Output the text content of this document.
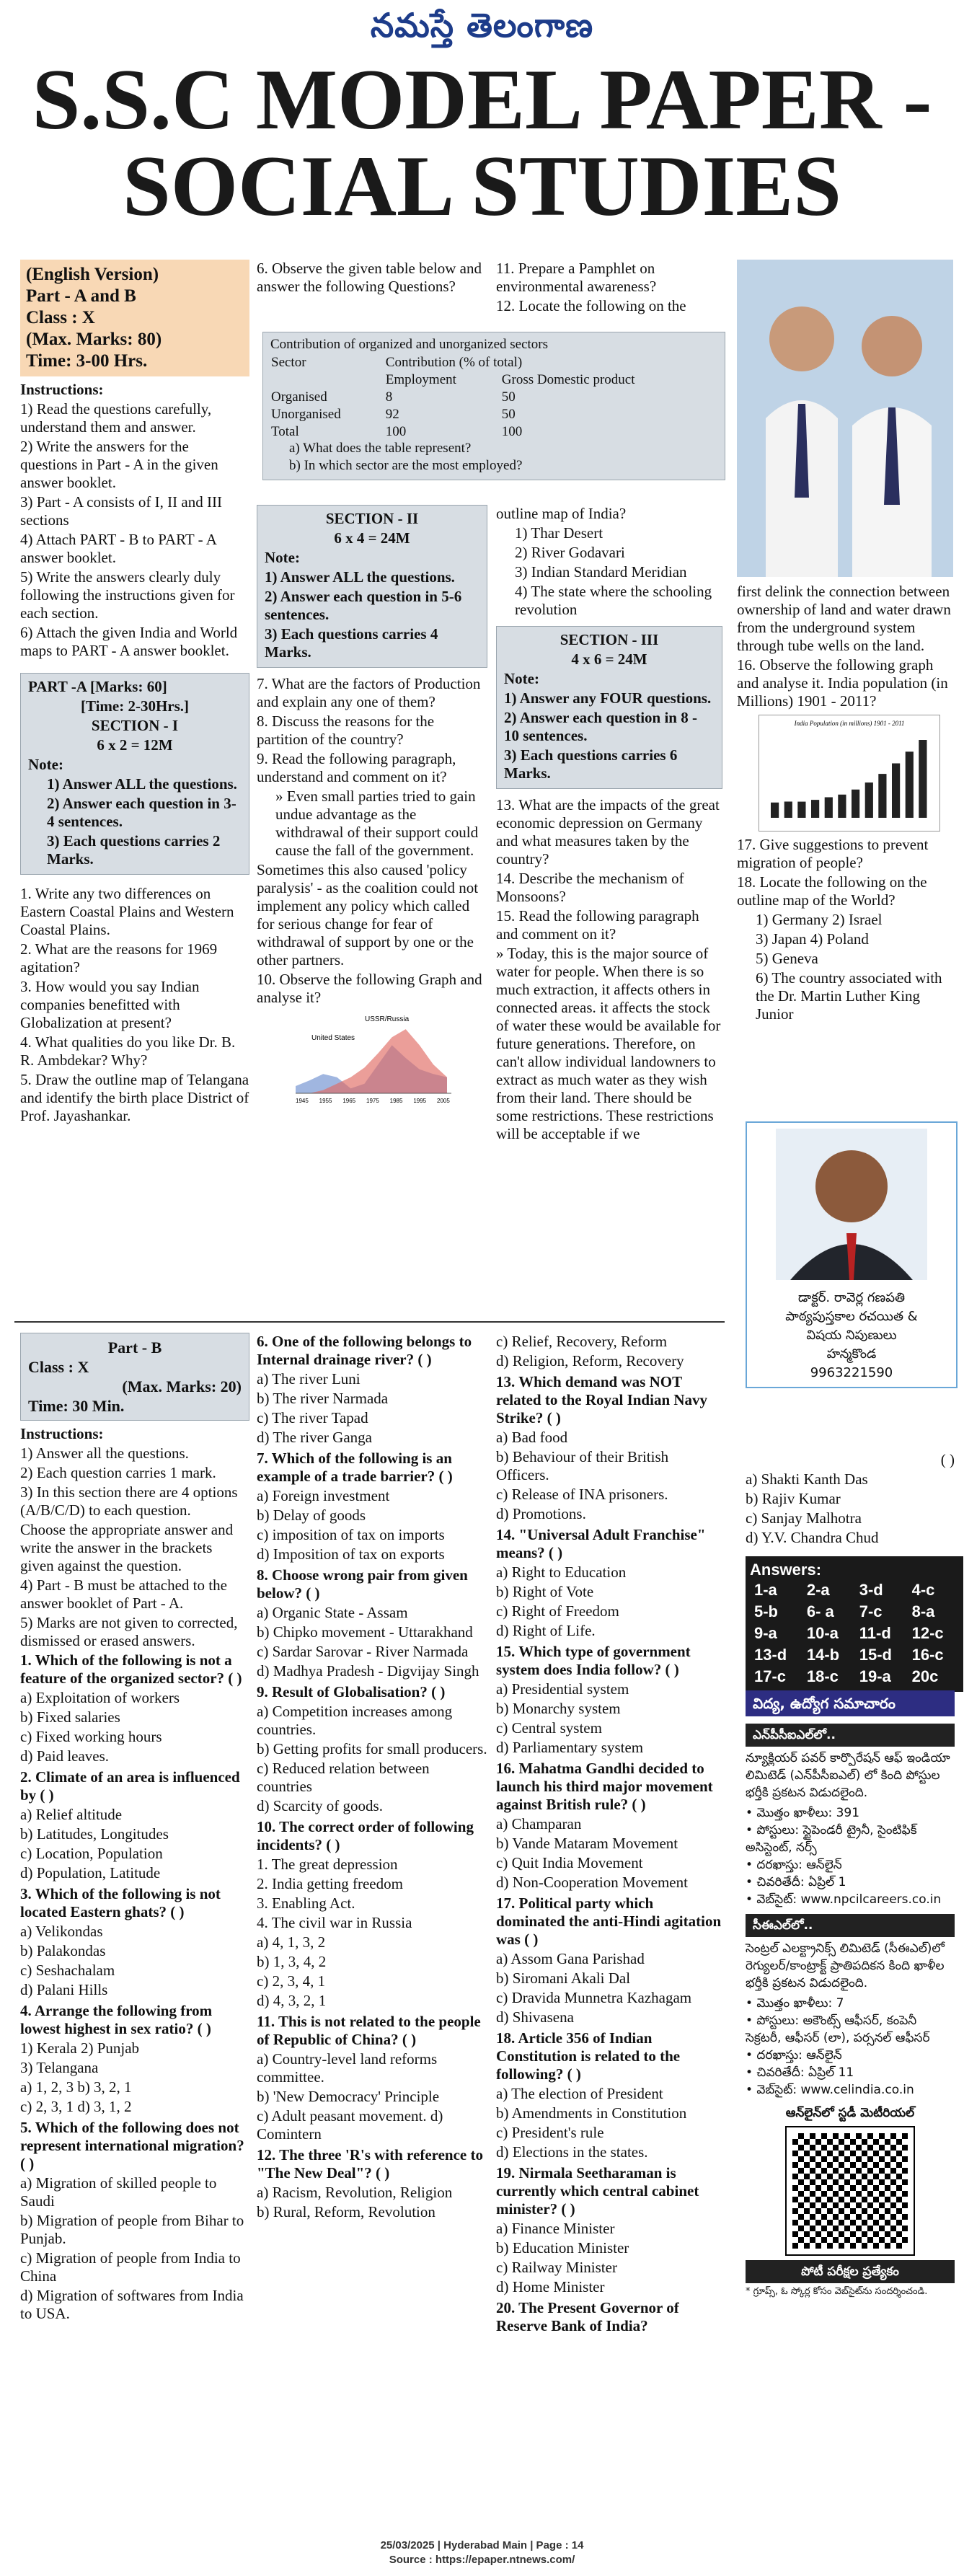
నమస్తే తెలంగాణ
S.S.C MODEL PAPER -
SOCIAL STUDIES
(English Version)
Part - A and B
Class : X
(Max. Marks: 80)
Time: 3-00 Hrs.

Instructions:

1) Read the questions carefully, understand them and answer.

2) Write the answers for the questions in Part - A in the given answer booklet.

3) Part - A consists of I, II and III sections

4) Attach PART - B to PART - A answer booklet.

5) Write the answers clearly duly following the instructions given for each section.

6) Attach the given India and World maps to PART - A answer booklet.

PART -A [Marks: 60]

[Time: 2-30Hrs.]

SECTION - I

6 x 2 = 12M

Note:

1) Answer ALL the questions.

2) Answer each question in 3-4 sentences.

3) Each questions carries 2 Marks.

1. Write any two differences on Eastern Coastal Plains and Western Coastal Plains.

2. What are the reasons for 1969 agitation?

3. How would you say Indian companies benefitted with Globalization at present?

4. What qualities do you like Dr. B. R. Ambdekar? Why?

5. Draw the outline map of Telangana and identify the birth place District of Prof. Jayashankar.

6. Observe the given table below and answer the following Questions?

Contribution of organized and unorganized sectors

Sector	Contribution (% of total)	
	Employment	Gross Domestic product
Organised	8	50
Unorganised	92	50
Total	100	100

a) What does the table represent?

b) In which sector are the most employed?

SECTION - II

6 x 4 = 24M

Note:

1) Answer ALL the questions.

2) Answer each question in 5-6 sentences.

3) Each questions carries 4 Marks.

7. What are the factors of Production and explain any one of them?

8. Discuss the reasons for the partition of the country?

9. Read the following paragraph, understand and comment on it?

» Even small parties tried to gain undue advantage as the withdrawal of their support could cause the fall of the government.

Sometimes this also caused 'policy paralysis' - as the coalition could not implement any policy which called for serious change for fear of withdrawal of support by one or the other partners.

10. Observe the following Graph and analyse it?

1945 1955 1965 1975 1985 1995 2005
USSR/Russia
United States

11. Prepare a Pamphlet on environmental awareness?

12. Locate the following on the

outline map of India?

1) Thar Desert

2) River Godavari

3) Indian Standard Meridian

4) The state where the schooling revolution

SECTION - III

4 x 6 = 24M

Note:

1) Answer any FOUR questions.

2) Answer each question in 8 - 10 sentences.

3) Each questions carries 6 Marks.

13. What are the impacts of the great economic depression on Germany and what measures taken by the country?

14. Describe the mechanism of Monsoons?

15. Read the following paragraph and comment on it?

» Today, this is the major source of water for people. When there is so much extraction, it affects others in connected areas. it affects the stock of water these would be available for future generations. Therefore, on can't allow individual landowners to extract as much water as they wish from their land. There should be some restrictions. These restrictions will be acceptable if we

first delink the connection between ownership of land and water drawn from the underground system through tube wells on the land.

16. Observe the following graph and analyse it. India population (in Millions) 1901 - 2011?

India Population (in millions) 1901 - 2011

17. Give suggestions to prevent migration of people?

18. Locate the following on the outline map of the World?

1) Germany 2) Israel

3) Japan 4) Poland

5) Geneva

6) The country associated with the Dr. Martin Luther King Junior

డాక్టర్. రావెర్ల గణపతి
పాఠ్యపుస్తకాల రచయిత &
విషయ నిపుణులు
హన్మకొండ
9963221590
Part - B
Class : X
(Max. Marks: 20)
Time: 30 Min.

Instructions:

1) Answer all the questions.

2) Each question carries 1 mark.

3) In this section there are 4 options (A/B/C/D) to each question.

Choose the appropriate answer and write the answer in the brackets given against the question.

4) Part - B must be attached to the answer booklet of Part - A.

5) Marks are not given to corrected, dismissed or erased answers.

1. Which of the following is not a feature of the organized sector? ( )

a) Exploitation of workers

b) Fixed salaries

c) Fixed working hours

d) Paid leaves.

2. Climate of an area is influenced by ( )

a) Relief altitude

b) Latitudes, Longitudes

c) Location, Population

d) Population, Latitude

3. Which of the following is not located Eastern ghats? ( )

a) Velikondas

b) Palakondas

c) Seshachalam

d) Palani Hills

4. Arrange the following from lowest highest in sex ratio? ( )

1) Kerala 2) Punjab

3) Telangana

a) 1, 2, 3 b) 3, 2, 1

c) 2, 3, 1 d) 3, 1, 2

5. Which of the following does not represent international migration? ( )

a) Migration of skilled people to Saudi

b) Migration of people from Bihar to Punjab.

c) Migration of people from India to China

d) Migration of softwares from India to USA.

6. One of the following belongs to Internal drainage river? ( )

a) The river Luni

b) The river Narmada

c) The river Tapad

d) The river Ganga

7. Which of the following is an example of a trade barrier? ( )

a) Foreign investment

b) Delay of goods

c) imposition of tax on imports

d) Imposition of tax on exports

8. Choose wrong pair from given below? ( )

a) Organic State - Assam

b) Chipko movement - Uttarakhand

c) Sardar Sarovar - River Narmada

d) Madhya Pradesh - Digvijay Singh

9. Result of Globalisation? ( )

a) Competition increases among countries.

b) Getting profits for small producers.

c) Reduced relation between countries

d) Scarcity of goods.

10. The correct order of following incidents? ( )

1. The great depression

2. India getting freedom

3. Enabling Act.

4. The civil war in Russia

a) 4, 1, 3, 2

b) 1, 3, 4, 2

c) 2, 3, 4, 1

d) 4, 3, 2, 1

11. This is not related to the people of Republic of China? ( )

a) Country-level land reforms committee.

b) 'New Democracy' Principle

c) Adult peasant movement. d) Comintern

12. The three 'R's with reference to "The New Deal"? ( )

a) Racism, Revolution, Religion

b) Rural, Reform, Revolution

c) Relief, Recovery, Reform

d) Religion, Reform, Recovery

13. Which demand was NOT related to the Royal Indian Navy Strike? ( )

a) Bad food

b) Behaviour of their British Officers.

c) Release of INA prisoners.

d) Promotions.

14. "Universal Adult Franchise" means? ( )

a) Right to Education

b) Right of Vote

c) Right of Freedom

d) Right of Life.

15. Which type of government system does India follow? ( )

a) Presidential system

b) Monarchy system

c) Central system

d) Parliamentary system

16. Mahatma Gandhi decided to launch his third major movement against British rule? ( )

a) Champaran

b) Vande Mataram Movement

c) Quit India Movement

d) Non-Cooperation Movement

17. Political party which dominated the anti-Hindi agitation was ( )

a) Assom Gana Parishad

b) Siromani Akali Dal

c) Dravida Munnetra Kazhagam

d) Shivasena

18. Article 356 of Indian Constitution is related to the following? ( )

a) The election of President

b) Amendments in Constitution

c) President's rule

d) Elections in the states.

19. Nirmala Seetharaman is currently which central cabinet minister? ( )

a) Finance Minister

b) Education Minister

c) Railway Minister

d) Home Minister

20. The Present Governor of Reserve Bank of India?

( )

a) Shakti Kanth Das

b) Rajiv Kumar

c) Sanjay Malhotra

d) Y.V. Chandra Chud

Answers:
1-a	2-a	3-d	4-c
5-b	6- a	7-c	8-a
9-a	10-a	11-d	12-c
13-d	14-b	15-d	16-c
17-c	18-c	19-a	20c
విద్య, ఉద్యోగ సమాచారం
ఎన్‌పీసీఐఎల్‌లో..

న్యూక్లియర్ పవర్ కార్పొరేషన్ ఆఫ్ ఇండియా లిమిటెడ్ (ఎన్‌పీసీఐఎల్) లో కింది పోస్టుల భర్తీకి ప్రకటన విడుదలైంది.

• మొత్తం ఖాళీలు: 391

• పోస్టులు: స్టైపెండరీ ట్రైనీ, సైంటిఫిక్ అసిస్టెంట్, నర్స్

• దరఖాస్తు: ఆన్‌లైన్

• చివరితేదీ: ఏప్రిల్ 1

• వెబ్‌సైట్: www.npcilcareers.co.in

సీఈఎల్‌లో..

సెంట్రల్ ఎలక్ట్రానిక్స్ లిమిటెడ్ (సీఈఎల్)లో రెగ్యులర్/కాంట్రాక్ట్ ప్రాతిపదికన కింది ఖాళీల భర్తీకి ప్రకటన విడుదలైంది.

• మొత్తం ఖాళీలు: 7

• పోస్టులు: అకౌంట్స్ ఆఫీసర్, కంపెనీ సెక్రటరీ, ఆఫీసర్ (లా), పర్సనల్ ఆఫీసర్

• దరఖాస్తు: ఆన్‌లైన్

• చివరితేదీ: ఏప్రిల్ 11

• వెబ్‌సైట్: www.celindia.co.in

ఆన్‌లైన్‌లో స్టడీ మెటీరియల్
పోటీ పరీక్షల ప్రత్యేకం

* గ్రూప్స్, ఓ స్కోర్ల కోసం వెబ్‌సైట్‌ను సందర్శించండి.

25/03/2025 | Hyderabad Main | Page : 14
Source : https://epaper.ntnews.com/
